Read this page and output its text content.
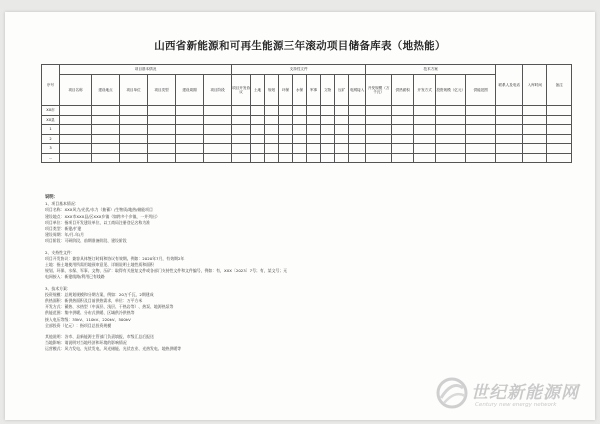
山西省新能源和可再生能源三年滚动项目储备库表（地热能）
序号	项目基本情况						支持性文件									技术方案					联系人及电话	入库时间	备注
	项目名称	建设地点	项目单位	项目类型	建设周期	项目阶段	项目开发协议	土地	规划	环保	水保	军事	文物	压矿	电网接入	开发规模（万千瓦）	供热面积	开发方式	投资规模（亿元）	供能范围			
XX市																							
XX县																							
1																							
2																							
3																							
...																							
说明：
1、项目基本情况：
项目名称：XXX风力/光伏/水力（抽蓄）/生物质/地热/储能项目
建设地点：XXX市XXX县/区XXX乡镇（如跨多个乡镇，一并列出）
项目单位：指项目开发建设单位，以工商局注册登记名称为准
项目类型：新建/扩建
建设周期：年/月-年/月
项目阶段：可研阶段、前期准备阶段、建设阶段
2、支持性文件：
项目开发协议：兼容具体签订时间和协议有效期。例如：2020年7月，有效期2年
土地：指土地使用所需用地预审意见、详细说明土地性质和面积
规划、环保、水保、军事、文物、压矿：取得有关批复文件或各部门支持性文件和文件编号，例如：有，XXX〔2023〕7号；有，某文号；无
电网接入：新建线路/利用已有线路
3、技术方案：
投资规模：总规划规模和分期方案，例如：20万千瓦，2期建成
供热面积：新供热面积及目前供热需求，单位：万平方米
开发方式：蓄热、水热型（中深层、浅层、干热岩等）、热泵、地源热泵等
供能范围：集中供暖、分布式供暖、区域供冷供热等
接入电压等级：35kV、110kV、220kV、500kV
全部投资（亿元）：指项目总投资规模
其他说明：各市、县新能源主管部门负责填报，市级汇总后报送
当地影响：请说明对当地经济和环境的影响情况
运营模式：风力发电、光伏发电、风光储能、光伏农业、光热发电、地热供暖等
世纪新能源网
Century new energy network
